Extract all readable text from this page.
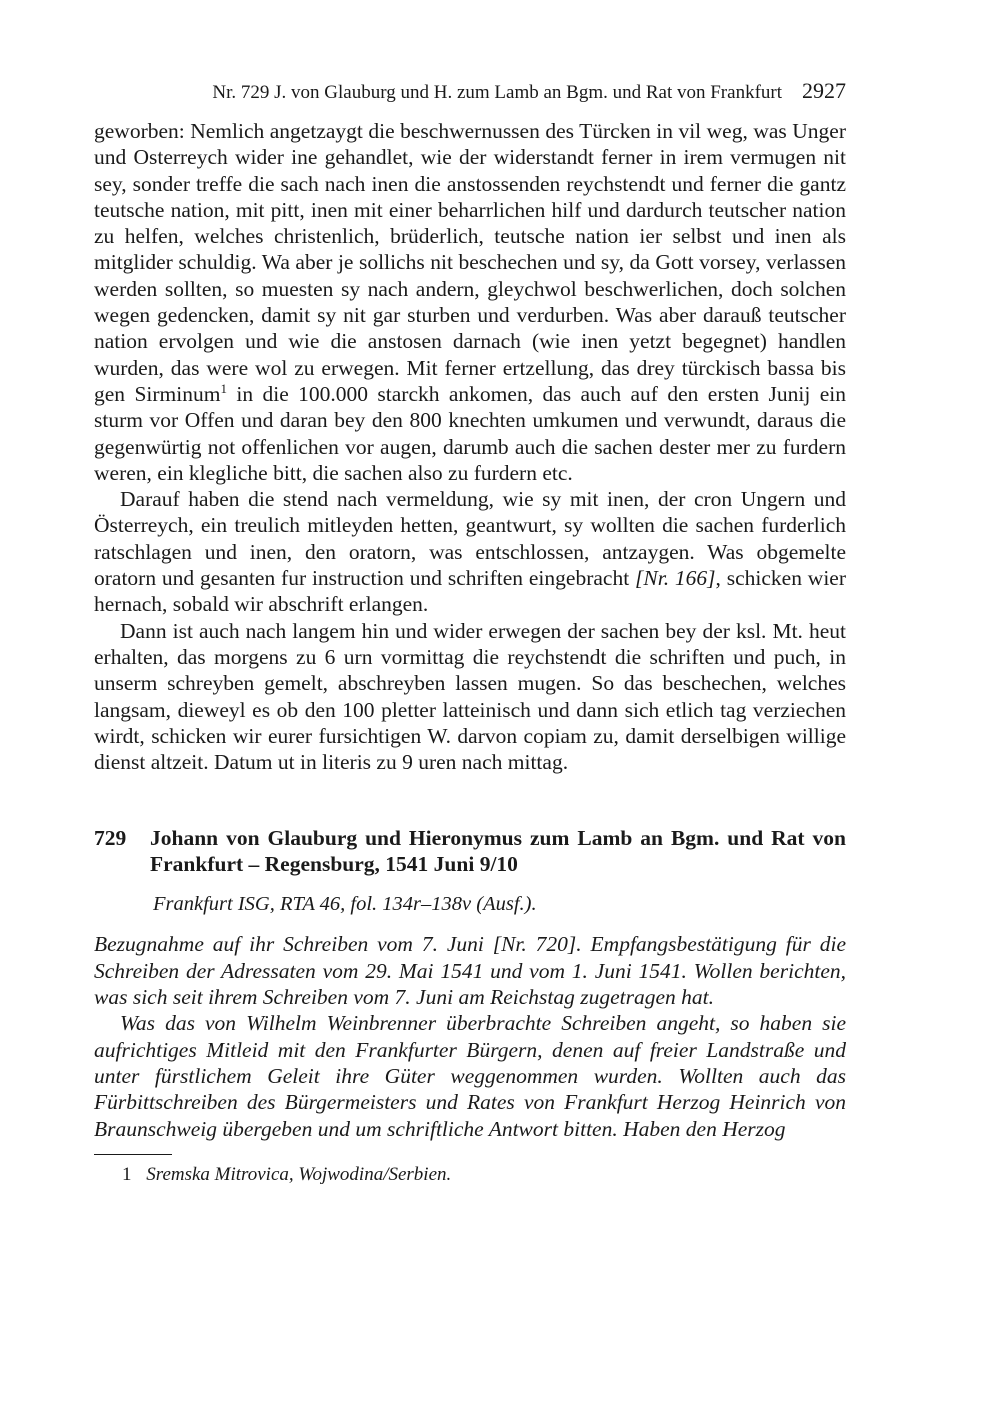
Nr. 729 J. von Glauburg und H. zum Lamb an Bgm. und Rat von Frankfurt 2927

geworben: Nemlich angetzaygt die beschwernussen des Türcken in vil weg, was Unger und Osterreych wider ine gehandlet, wie der widerstandt ferner in irem vermugen nit sey, sonder treffe die sach nach inen die anstossenden reychstendt und ferner die gantz teutsche nation, mit pitt, inen mit einer beharrlichen hilf und dardurch teutscher nation zu helfen, welches christenlich, brüderlich, teutsche nation ier selbst und inen als mitglider schuldig. Wa aber je sollichs nit beschechen und sy, da Gott vorsey, verlassen werden sollten, so muesten sy nach andern, gleychwol beschwerlichen, doch solchen wegen gedencken, damit sy nit gar sturben und verdurben. Was aber darauß teutscher nation ervolgen und wie die anstosen darnach (wie inen yetzt begegnet) handlen wurden, das were wol zu erwegen. Mit ferner ertzellung, das drey türckisch bassa bis gen Sirminum$^1$ in die 100.000 starckh ankomen, das auch auf den ersten Junij ein sturm vor Offen und daran bey den 800 knechten umkumen und verwundt, daraus die gegenwürtig not offenlichen vor augen, darumb auch die sachen dester mer zu furdern weren, ein klegliche bitt, die sachen also zu furdern etc.

Darauf haben die stend nach vermeldung, wie sy mit inen, der cron Ungern und Österreych, ein treulich mitleyden hetten, geantwurt, sy wollten die sachen furderlich ratschlagen und inen, den oratorn, was entschlossen, antzaygen. Was obgemelte oratorn und gesanten fur instruction und schriften eingebracht [Nr. 166], schicken wier hernach, sobald wir abschrift erlangen.

Dann ist auch nach langem hin und wider erwegen der sachen bey der ksl. Mt. heut erhalten, das morgens zu 6 urn vormittag die reychstendt die schriften und puch, in unserm schreyben gemelt, abschreyben lassen mugen. So das beschechen, welches langsam, dieweyl es ob den 100 pletter latteinisch und dann sich etlich tag verziechen wirdt, schicken wir eurer fursichtigen W. darvon copiam zu, damit derselbigen willige dienst altzeit. Datum ut in literis zu 9 uren nach mittag.

729	Johann von Glauburg und Hieronymus zum Lamb an Bgm. und Rat von Frankfurt – Regensburg, 1541 Juni 9/10
Frankfurt ISG, RTA 46, fol. 134r–138v (Ausf.).

Bezugnahme auf ihr Schreiben vom 7. Juni [Nr. 720]. Empfangsbestätigung für die Schreiben der Adressaten vom 29. Mai 1541 und vom 1. Juni 1541. Wollen berichten, was sich seit ihrem Schreiben vom 7. Juni am Reichstag zugetragen hat.

Was das von Wilhelm Weinbrenner überbrachte Schreiben angeht, so haben sie aufrichtiges Mitleid mit den Frankfurter Bürgern, denen auf freier Landstraße und unter fürstlichem Geleit ihre Güter weggenommen wurden. Wollten auch das Fürbittschreiben des Bürgermeisters und Rates von Frankfurt Herzog Heinrich von Braunschweig übergeben und um schriftliche Antwort bitten. Haben den Herzog

1 Sremska Mitrovica, Wojwodina/Serbien.
